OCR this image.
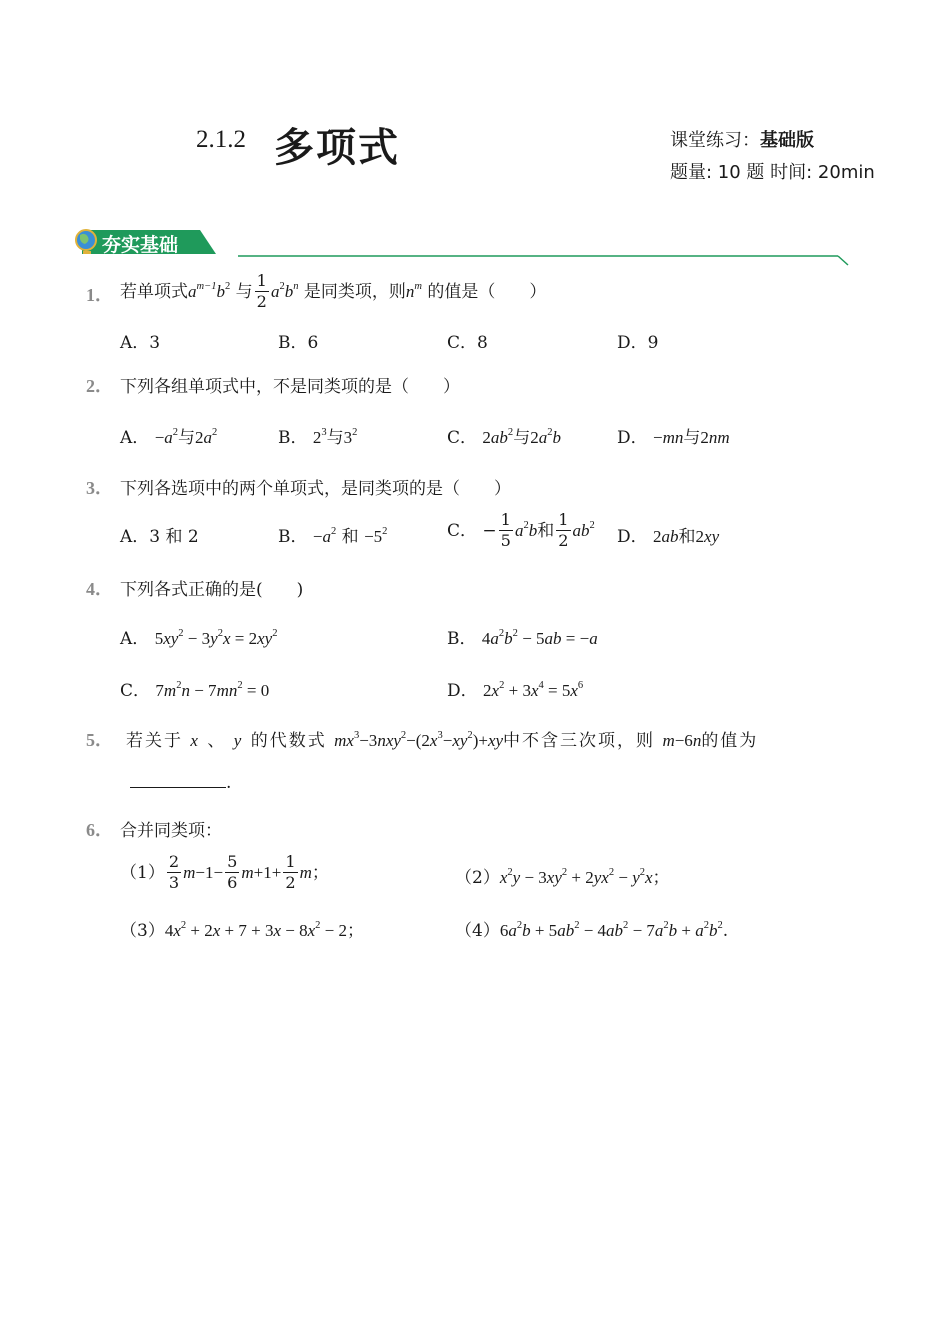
2.1.2 多项式	课堂练习：基础版
题量: 10 题 时间: 20min
夯实基础
1． 若单项式$a^{m-1}b^2$ 与 $\frac{1}{2} a^2b^n$ 是同类项，则$n^m$ 的值是（　　）
A．3	B．6	C．8	D．9
2． 下列各组单项式中，不是同类项的是（　　）
A． $-a^2$与$2a^2$	B． $2^3$与$3^2$	C． $2ab^2$与$2a^2b$	D． −mn与2nm
3． 下列各选项中的两个单项式，是同类项的是（　　）
A．3 和 2	B． $-a^2$ 和 $-5^2$	C． − $\frac{1}{5} a^2b$和 $\frac{1}{2} ab^2$
D． 2ab和2xy
4． 下列各式正确的是(　　)
A． $5xy^2 - 3y^2x = 2xy^2$	B． $4a^2b^2 - 5ab = -a$
C． $7m^2n - 7mn^2 = 0$	D． $2x^2 + 3x^4 = 5x^6$
5． 若关于 x 、 y 的代数式 $mx^3-3nxy^2-(2x^3-xy^2)+xy$中不含三次项，则 m−6n的值为
.
6． 合并同类项：
$(1) \frac{2}{3} m-1- \frac{5}{6} m+1+ \frac{1}{2}$ m；	$(2)x^2y - 3xy^2 + 2yx^2 - y^2x$；
$(3)4x^2 + 2x + 7 + 3x - 8x^2 - 2$；	$(4)6a^2b + 5ab^2 - 4ab^2 - 7a^2b + a^2b^2$.
